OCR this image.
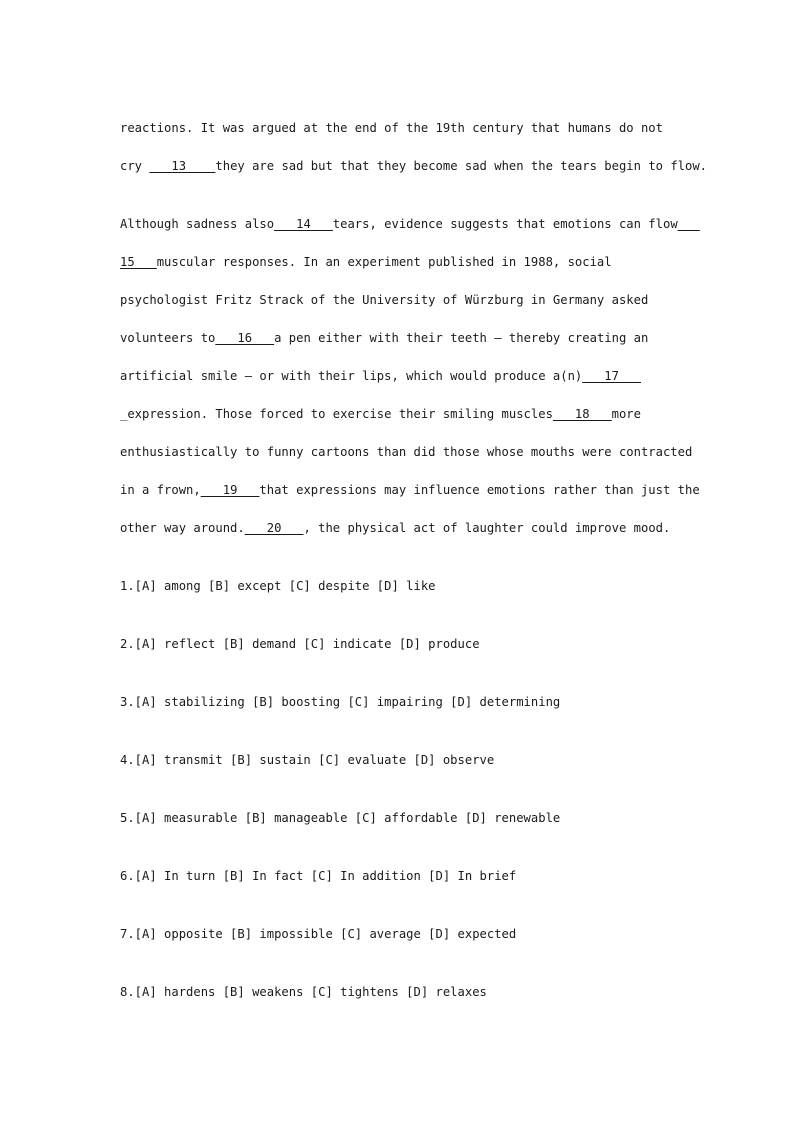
reactions. It was argued at the end of the 19th century that humans do not
cry ___13____they are sad but that they become sad when the tears begin to flow.
Although sadness also___14___tears, evidence suggests that emotions can flow___
15___muscular responses. In an experiment published in 1988, social
psychologist Fritz Strack of the University of Würzburg in Germany asked
volunteers to___16___a pen either with their teeth – thereby creating an
artificial smile – or with their lips, which would produce a(n)___17___
_expression. Those forced to exercise their smiling muscles___18___more
enthusiastically to funny cartoons than did those whose mouths were contracted
in a frown,___19___that expressions may influence emotions rather than just the
other way around.___20___, the physical act of laughter could improve mood.
1.[A] among [B] except [C] despite [D] like
2.[A] reflect [B] demand [C] indicate [D] produce
3.[A] stabilizing [B] boosting [C] impairing [D] determining
4.[A] transmit [B] sustain [C] evaluate [D] observe
5.[A] measurable [B] manageable [C] affordable [D] renewable
6.[A] In turn [B] In fact [C] In addition [D] In brief
7.[A] opposite [B] impossible [C] average [D] expected
8.[A] hardens [B] weakens [C] tightens [D] relaxes
